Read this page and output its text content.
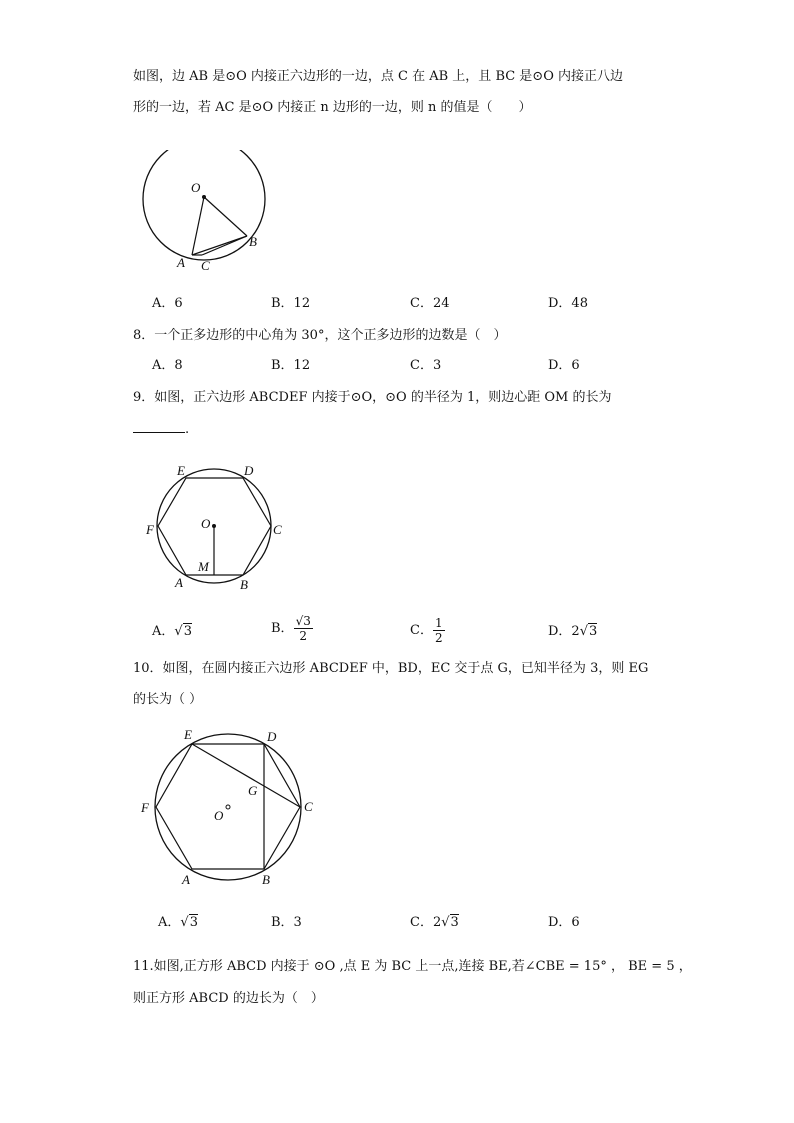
如图，边 AB 是⊙O 内接正六边形的一边，点 C 在 AB 上，且 BC 是⊙O 内接正八边
形的一边，若 AC 是⊙O 内接正 n 边形的一边，则 n 的值是（　　）
O
B
A C
A．6	B．12	C．24	D．48
8．一个正多边形的中心角为 30°，这个正多边形的边数是（　）
A．8	B．12	C．3	D．6
9．如图，正六边形 ABCDEF 内接于⊙O，⊙O 的半径为 1，则边心距 OM 的长为
.
E	D
F	C
O
M
A	B
A．√3	B． $\frac{√3}{2}$	C． $\frac{1}{2}$	D．2√3
10．如图，在圆内接正六边形 ABCDEF 中，BD，EC 交于点 G，已知半径为 3，则 EG
的长为（ ）
E	D
F	C
G
O
A	B
A．√3	B．3	C．2√3	D．6
11.如图,正方形 ABCD 内接于 ⊙O ,点 E 为 BC 上一点,连接 BE,若∠CBE = 15° ， BE = 5 ，
则正方形 ABCD 的边长为（　）
